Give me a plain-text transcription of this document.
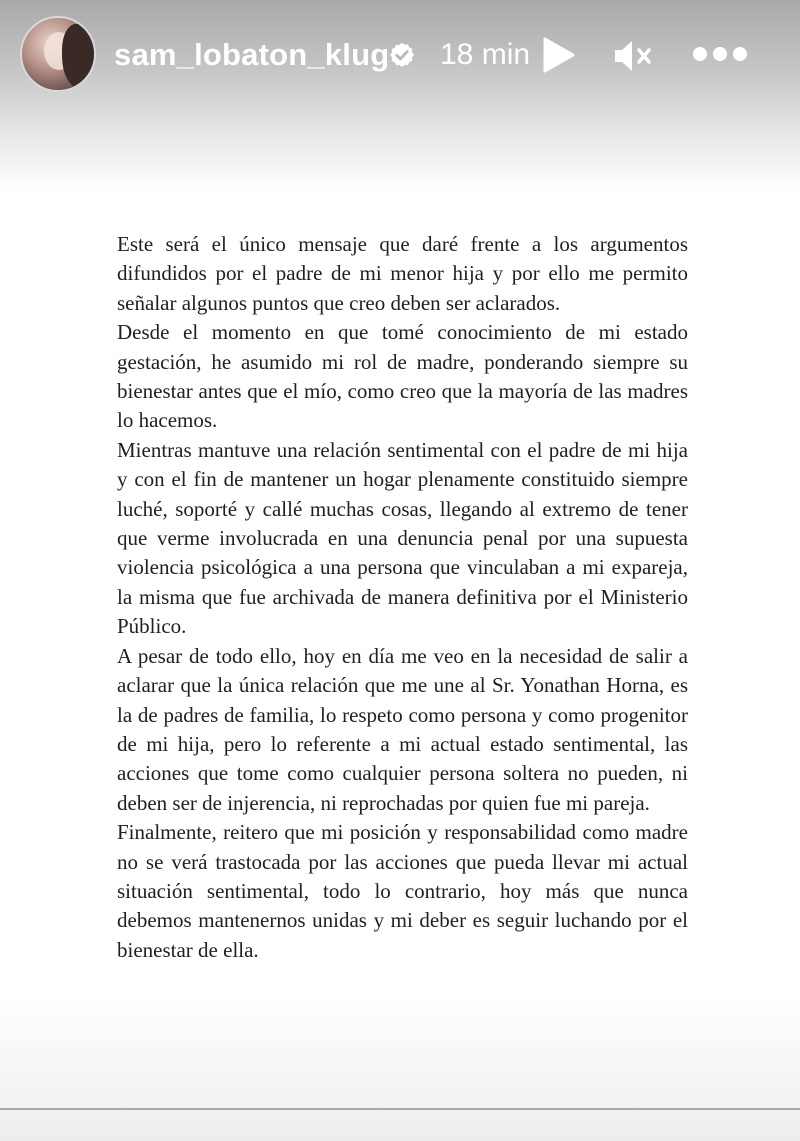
sam_lobaton_klug 18 min

Este será el único mensaje que daré frente a los argumentos difundidos por el padre de mi menor hija y por ello me permito señalar algunos puntos que creo deben ser aclarados.

Desde el momento en que tomé conocimiento de mi estado gestación, he asumido mi rol de madre, ponderando siempre su bienestar antes que el mío, como creo que la mayoría de las madres lo hacemos.

Mientras mantuve una relación sentimental con el padre de mi hija y con el fin de mantener un hogar plenamente constituido siempre luché, soporté y callé muchas cosas, llegando al extremo de tener que verme involucrada en una denuncia penal por una supuesta violencia psicológica a una persona que vinculaban a mi expareja, la misma que fue archivada de manera definitiva por el Ministerio Público.

A pesar de todo ello, hoy en día me veo en la necesidad de salir a aclarar que la única relación que me une al Sr. Yonathan Horna, es la de padres de familia, lo respeto como persona y como progenitor de mi hija, pero lo referente a mi actual estado sentimental, las acciones que tome como cualquier persona soltera no pueden, ni deben ser de injerencia, ni reprochadas por quien fue mi pareja.

Finalmente, reitero que mi posición y responsabilidad como madre no se verá trastocada por las acciones que pueda llevar mi actual situación sentimental, todo lo contrario, hoy más que nunca debemos mantenernos unidas y mi deber es seguir luchando por el bienestar de ella.
